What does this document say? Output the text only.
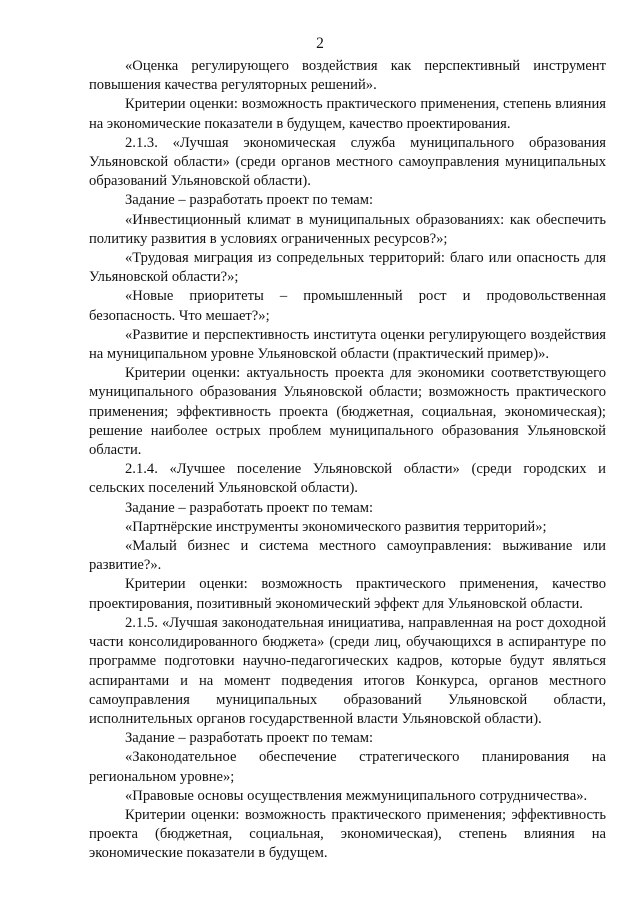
2

«Оценка регулирующего воздействия как перспективный инструмент повышения качества регуляторных решений».

Критерии оценки: возможность практического применения, степень влияния на экономические показатели в будущем, качество проектирования.

2.1.3. «Лучшая экономическая служба муниципального образования Ульяновской области» (среди органов местного самоуправления муниципальных образований Ульяновской области).

Задание – разработать проект по темам:

«Инвестиционный климат в муниципальных образованиях: как обеспечить политику развития в условиях ограниченных ресурсов?»;

«Трудовая миграция из сопредельных территорий: благо или опасность для Ульяновской области?»;

«Новые приоритеты – промышленный рост и продовольственная безопасность. Что мешает?»;

«Развитие и перспективность института оценки регулирующего воздействия на муниципальном уровне Ульяновской области (практический пример)».

Критерии оценки: актуальность проекта для экономики соответствующего муниципального образования Ульяновской области; возможность практического применения; эффективность проекта (бюджетная, социальная, экономическая); решение наиболее острых проблем муниципального образования Ульяновской области.

2.1.4. «Лучшее поселение Ульяновской области» (среди городских и сельских поселений Ульяновской области).

Задание – разработать проект по темам:

«Партнёрские инструменты экономического развития территорий»;

«Малый бизнес и система местного самоуправления: выживание или развитие?».

Критерии оценки: возможность практического применения, качество проектирования, позитивный экономический эффект для Ульяновской области.

2.1.5. «Лучшая законодательная инициатива, направленная на рост доходной части консолидированного бюджета» (среди лиц, обучающихся в аспирантуре по программе подготовки научно-педагогических кадров, которые будут являться аспирантами и на момент подведения итогов Конкурса, органов местного самоуправления муниципальных образований Ульяновской области, исполнительных органов государственной власти Ульяновской области).

Задание – разработать проект по темам:

«Законодательное обеспечение стратегического планирования на региональном уровне»;

«Правовые основы осуществления межмуниципального сотрудничества».

Критерии оценки: возможность практического применения; эффективность проекта (бюджетная, социальная, экономическая), степень влияния на экономические показатели в будущем.
